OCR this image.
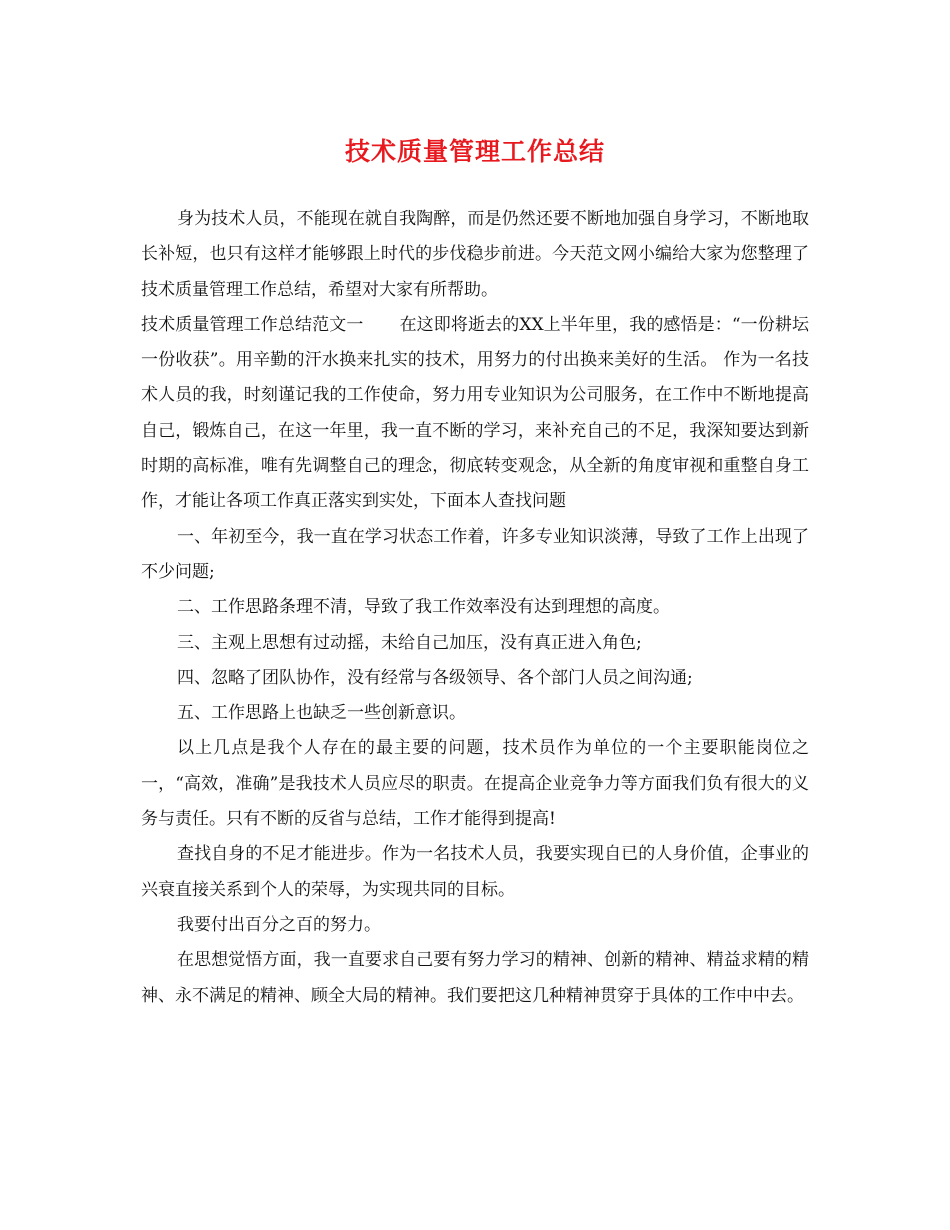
技术质量管理工作总结

身为技术人员，不能现在就自我陶醉，而是仍然还要不断地加强自身学习，不断地取长补短，也只有这样才能够跟上时代的步伐稳步前进。今天范文网小编给大家为您整理了技术质量管理工作总结，希望对大家有所帮助。

技术质量管理工作总结范文一 在这即将逝去的XX上半年里，我的感悟是：“一份耕坛一份收获”。用辛勤的汗水换来扎实的技术，用努力的付出换来美好的生活。 作为一名技术人员的我，时刻谨记我的工作使命，努力用专业知识为公司服务，在工作中不断地提高自己，锻炼自己，在这一年里，我一直不断的学习，来补充自己的不足，我深知要达到新时期的高标准，唯有先调整自己的理念，彻底转变观念，从全新的角度审视和重整自身工作，才能让各项工作真正落实到实处，下面本人查找问题

一、年初至今，我一直在学习状态工作着，许多专业知识淡薄，导致了工作上出现了不少问题;

二、工作思路条理不清，导致了我工作效率没有达到理想的高度。

三、主观上思想有过动摇，未给自己加压，没有真正进入角色;

四、忽略了团队协作，没有经常与各级领导、各个部门人员之间沟通;

五、工作思路上也缺乏一些创新意识。

以上几点是我个人存在的最主要的问题，技术员作为单位的一个主要职能岗位之一，“高效，准确”是我技术人员应尽的职责。在提高企业竞争力等方面我们负有很大的义务与责任。只有不断的反省与总结，工作才能得到提高!

查找自身的不足才能进步。作为一名技术人员，我要实现自已的人身价值，企事业的兴衰直接关系到个人的荣辱，为实现共同的目标。

我要付出百分之百的努力。

在思想觉悟方面，我一直要求自己要有努力学习的精神、创新的精神、精益求精的精神、永不满足的精神、顾全大局的精神。我们要把这几种精神贯穿于具体的工作中中去。
